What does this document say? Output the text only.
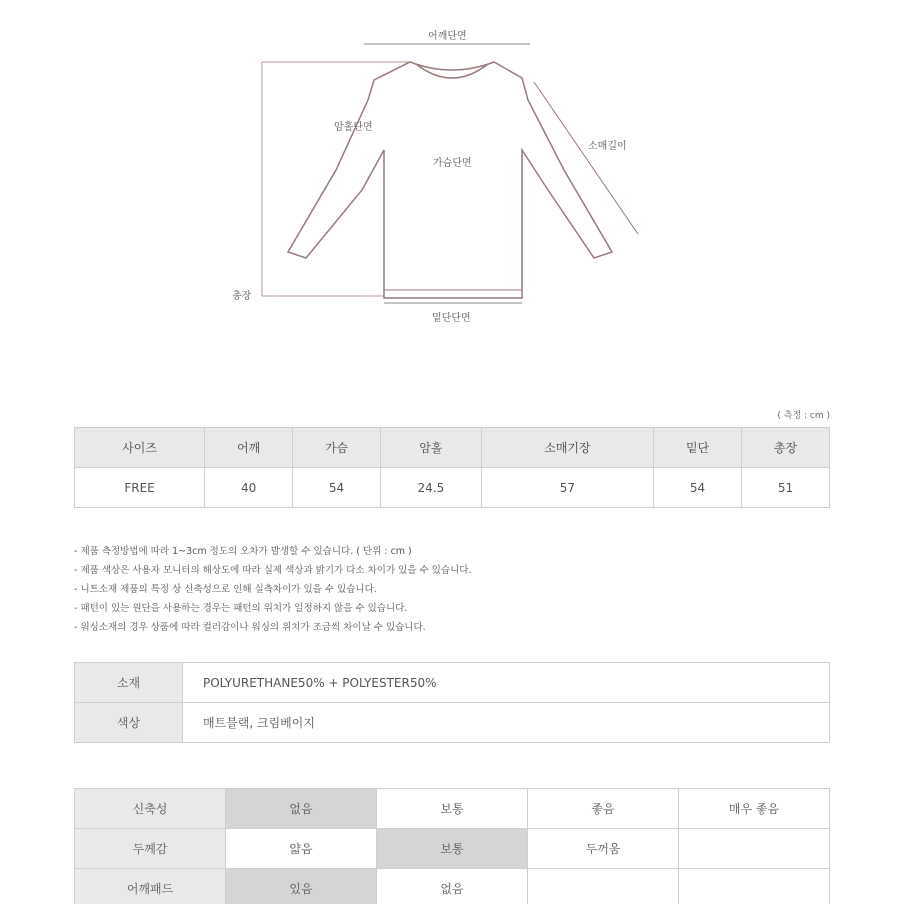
어깨단면
암홀단면
가슴단면
소매길이
총장
밑단단면
( 측정 : cm )
사이즈	어깨	가슴	암홀	소매기장	밑단	총장
FREE	40	54	24.5	57	54	51
- 제품 측정방법에 따라 1~3cm 정도의 오차가 발생할 수 있습니다. ( 단위 : cm )
- 제품 색상은 사용자 모니터의 해상도에 따라 실제 색상과 밝기가 다소 차이가 있을 수 있습니다.
- 니트소재 제품의 특정 상 신축성으로 인해 실측차이가 있을 수 있습니다.
- 패턴이 있는 원단을 사용하는 경우는 패턴의 위치가 일정하지 않을 수 있습니다.
- 워싱소재의 경우 상품에 따라 컬러감이나 워싱의 위치가 조금씩 차이날 수 있습니다.
소재	POLYURETHANE50% + POLYESTER50%
색상	매트블랙, 크림베이지
신축성	없음	보통	좋음	매우 좋음
두께감	얇음	보통	두꺼움	
어깨패드	있음	없음		
